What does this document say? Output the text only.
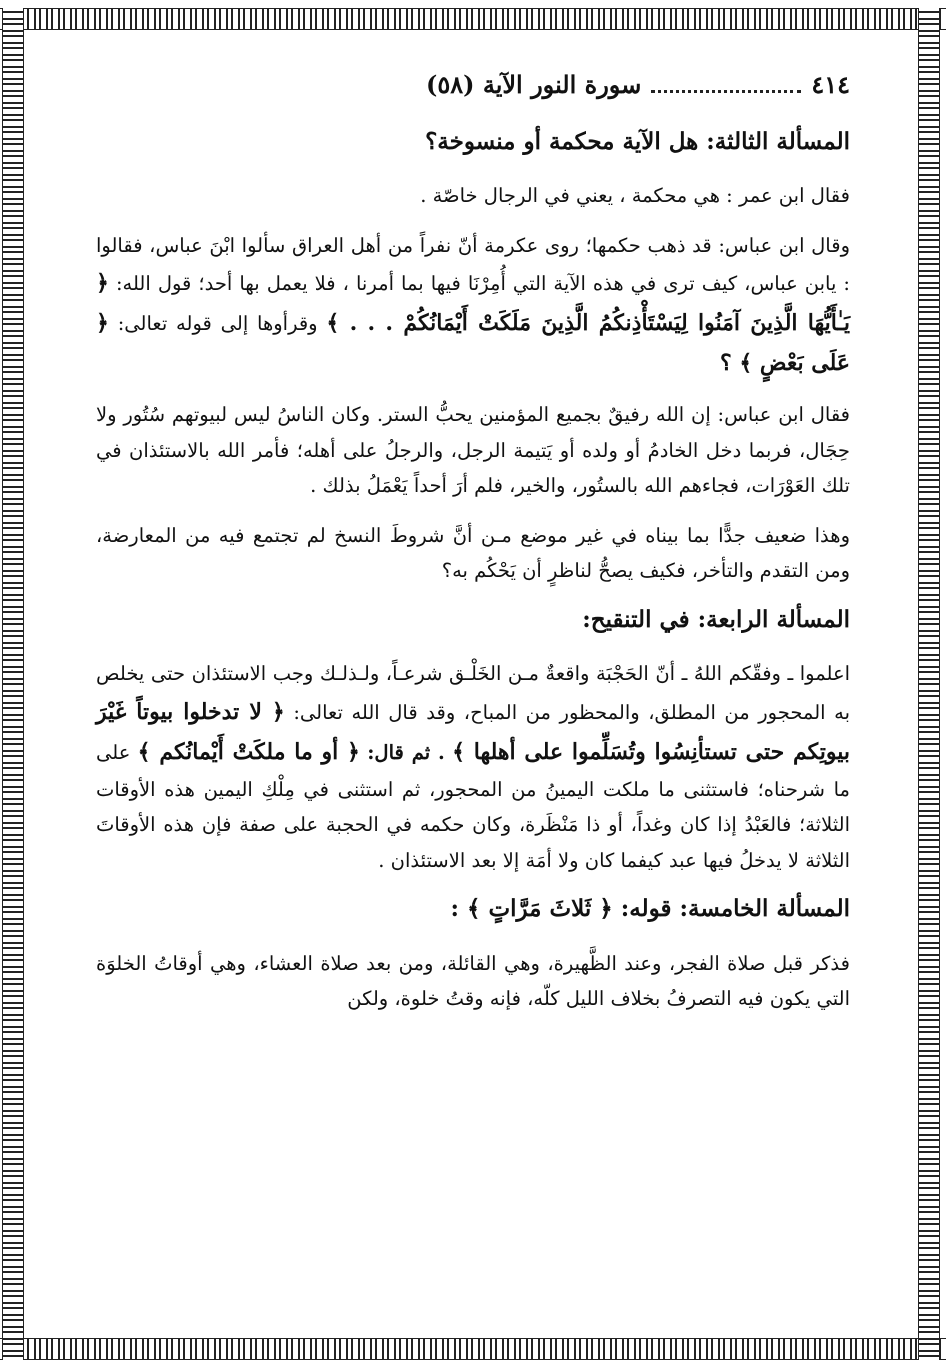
٤١٤
سورة النور الآية (٥٨)
المسألة الثالثة: هل الآية محكمة أو منسوخة؟

فقال ابن عمر : هي محكمة ، يعني في الرجال خاصّة .

وقال ابن عباس: قد ذهب حكمها؛ روى عكرمة أنّ نفراً من أهل العراق سألوا ابْنَ عباس، فقالوا : يابن عباس، كيف ترى في هذه الآية التي أُمِرْنَا فيها بما أمرنا ، فلا يعمل بها أحد؛ قول الله: ﴿ يَـٰأَيُّهَا الَّذِينَ آمَنُوا لِيَسْتَأْذِنكُمُ الَّذِينَ مَلَكَتْ أَيْمَانُكُمْ . . . ﴾ وقرأوها إلى قوله تعالى: ﴿ عَلَى بَعْضٍ ﴾ ؟

فقال ابن عباس: إن الله رفيقٌ بجميع المؤمنين يحبُّ الستر. وكان الناسُ ليس لبيوتهم سُتُور ولا حِجَال، فربما دخل الخادمُ أو ولده أو يَتيمة الرجل، والرجلُ على أهله؛ فأمر الله بالاستئذان في تلك العَوْرَات، فجاءهم الله بالستُور، والخير، فلم أرَ أحداً يَعْمَلُ بذلك .

وهذا ضعيف جدًّا بما بيناه في غير موضع مـن أنَّ شروطَ النسخ لم تجتمع فيه من المعارضة، ومن التقدم والتأخر، فكيف يصحُّ لناظرٍ أن يَحْكُم به؟

المسألة الرابعة: في التنقيح:

اعلموا ـ وفقّكم اللهُ ـ أنّ الحَجْبَة واقعةٌ مـن الخَلْـق شرعـاً، ولـذلـك وجب الاستئذان حتى يخلص به المحجور من المطلق، والمحظور من المباح، وقد قال الله تعالى: ﴿ لا تدخلوا بيوتاً غَيْرَ بيوتِكم حتى تستأنِسُوا وتُسَلِّموا على أهلها ﴾ . ثم قال: ﴿ أو ما ملكَتْ أَيْمانُكم ﴾ على ما شرحناه؛ فاستثنى ما ملكت اليمينُ من المحجور، ثم استثنى في مِلْكِ اليمين هذه الأوقات الثلاثة؛ فالعَبْدُ إذا كان وغداً، أو ذا مَنْظَرة، وكان حكمه في الحجبة على صفة فإن هذه الأوقاتَ الثلاثة لا يدخلُ فيها عبد كيفما كان ولا أمَة إلا بعد الاستئذان .

المسألة الخامسة: قوله: ﴿ ثَلاثَ مَرَّاتٍ ﴾ :

فذكر قبل صلاة الفجر، وعند الظَّهيرة، وهي القائلة، ومن بعد صلاة العشاء، وهي أوقاتُ الخلوَة التي يكون فيه التصرفُ بخلاف الليل كلّه، فإنه وقتُ خلوة، ولكن
